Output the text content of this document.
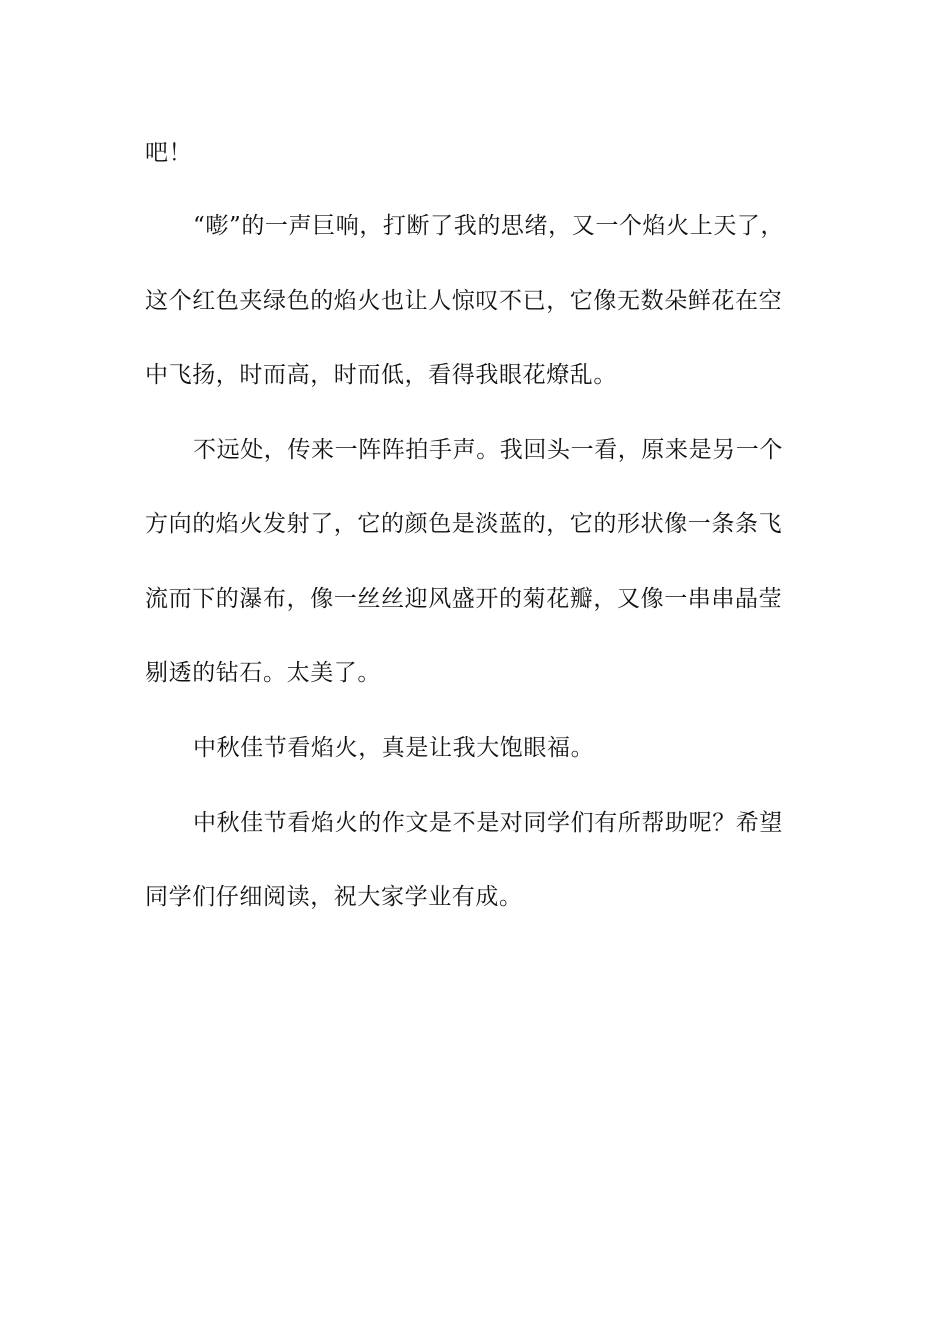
吧！
“嘭”的一声巨响，打断了我的思绪，又一个焰火上天了，
这个红色夹绿色的焰火也让人惊叹不已，它像无数朵鲜花在空
中飞扬，时而高，时而低，看得我眼花燎乱。
不远处，传来一阵阵拍手声。我回头一看，原来是另一个
方向的焰火发射了，它的颜色是淡蓝的，它的形状像一条条飞
流而下的瀑布，像一丝丝迎风盛开的菊花瓣，又像一串串晶莹
剔透的钻石。太美了。
中秋佳节看焰火，真是让我大饱眼福。
中秋佳节看焰火的作文是不是对同学们有所帮助呢？希望
同学们仔细阅读，祝大家学业有成。
